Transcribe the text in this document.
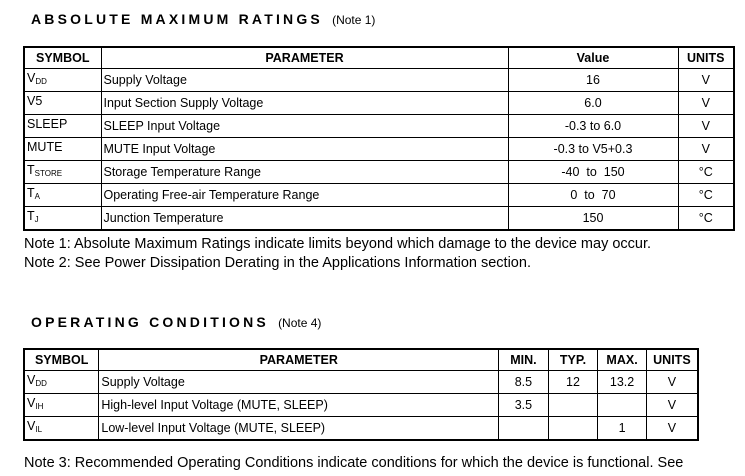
ABSOLUTE MAXIMUM RATINGS (Note 1)
SYMBOL	PARAMETER	Value	UNITS
$V_{DD}$	Supply Voltage	16	V
V5	Input Section Supply Voltage	6.0	V
SLEEP	SLEEP Input Voltage	-0.3 to 6.0	V
MUTE	MUTE Input Voltage	-0.3 to V5+0.3	V
$T_{STORE}$	Storage Temperature Range	-40  to  150	°C
$T_A$	Operating Free-air Temperature Range	0  to  70	°C
$T_J$	Junction Temperature	150	°C
Note 1: Absolute Maximum Ratings indicate limits beyond which damage to the device may occur.
Note 2: See Power Dissipation Derating in the Applications Information section.
OPERATING CONDITIONS (Note 4)
SYMBOL	PARAMETER	MIN.	TYP.	MAX.	UNITS
$V_{DD}$	Supply Voltage	8.5	12	13.2	V
$V_{IH}$	High-level Input Voltage (MUTE, SLEEP)	3.5			V
$V_{IL}$	Low-level Input Voltage (MUTE, SLEEP)			1	V
Note 3: Recommended Operating Conditions indicate conditions for which the device is functional. See
